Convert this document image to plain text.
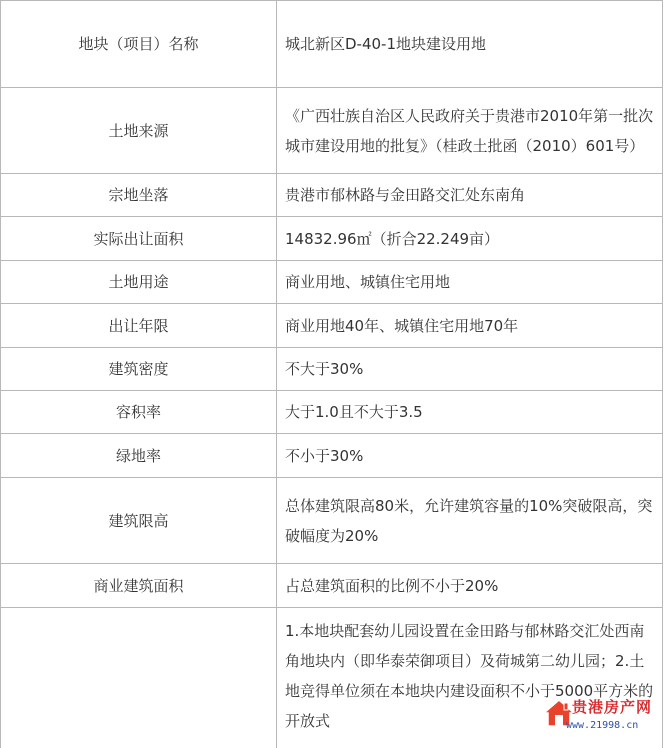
地块（项目）名称	城北新区D-40-1地块建设用地
土地来源	《广西壮族自治区人民政府关于贵港市2010年第一批次城市建设用地的批复》（桂政土批函（2010）601号）
宗地坐落	贵港市郁林路与金田路交汇处东南角
实际出让面积	14832.96㎡（折合22.249亩）
土地用途	商业用地、城镇住宅用地
出让年限	商业用地40年、城镇住宅用地70年
建筑密度	不大于30%
容积率	大于1.0且不大于3.5
绿地率	不小于30%
建筑限高	总体建筑限高80米，允许建筑容量的10%突破限高，突破幅度为20%
商业建筑面积	占总建筑面积的比例不小于20%
	1.本地块配套幼儿园设置在金田路与郁林路交汇处西南角地块内（即华泰荣御项目）及荷城第二幼儿园；2.土地竞得单位须在本地块内建设面积不小于5000平方米的开放式
贵港房产网
www.21998.cn
